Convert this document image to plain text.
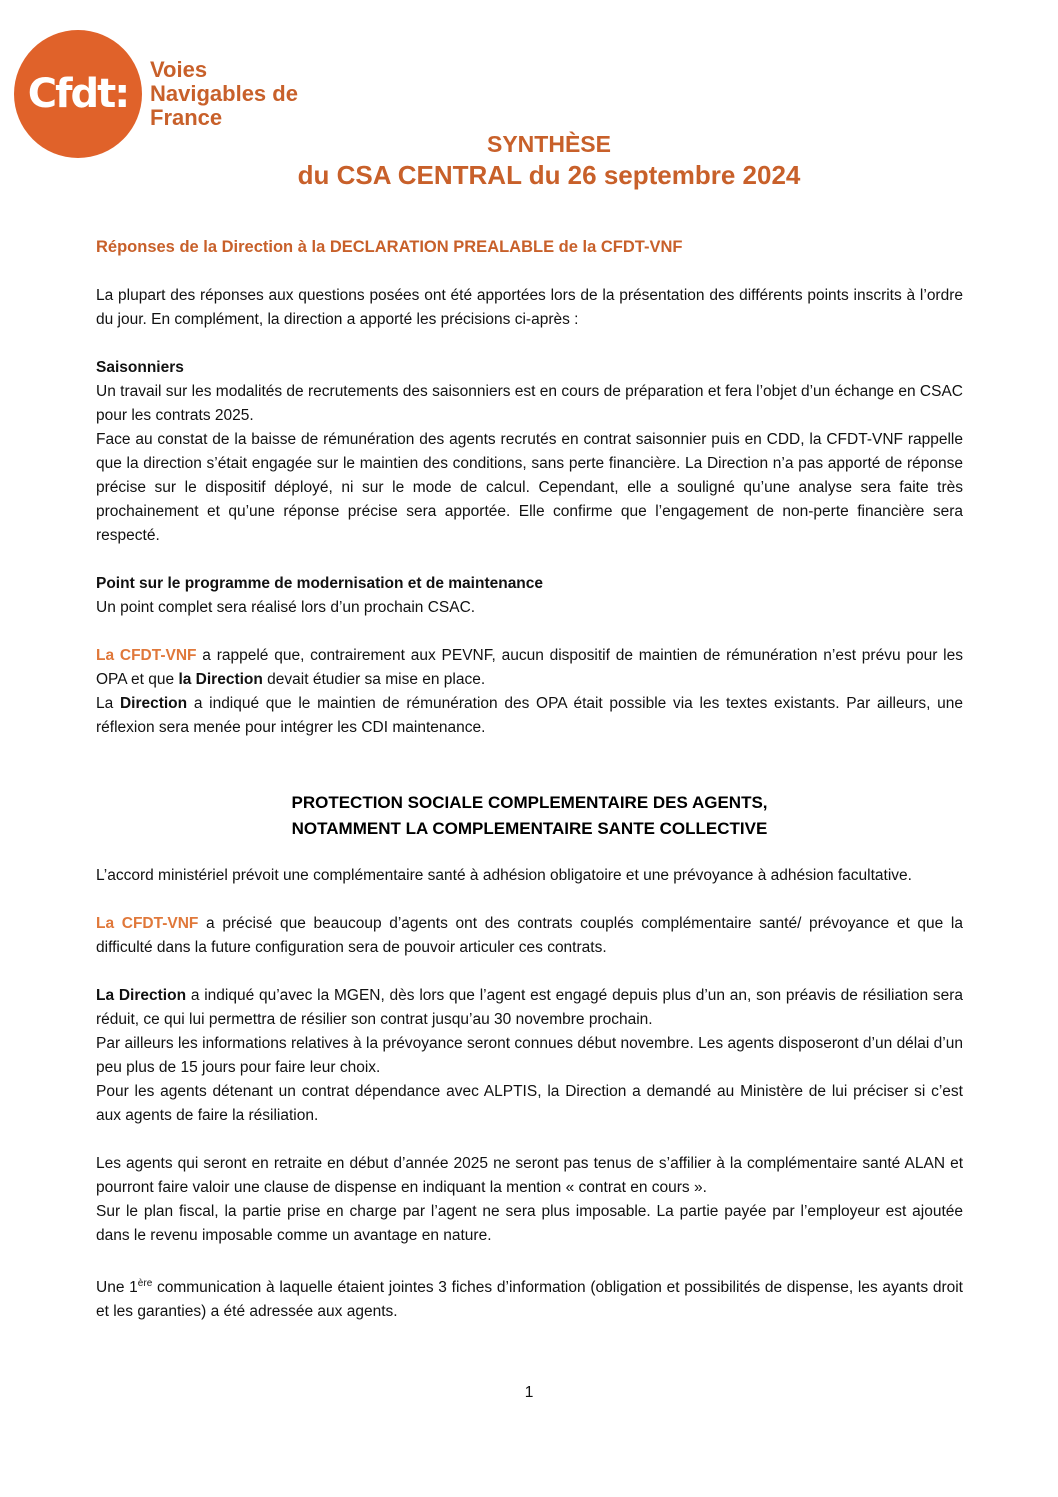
Cfdt:
Voies
Navigables de
France
SYNTHÈSE
du CSA CENTRAL du 26 septembre 2024
Réponses de la Direction à la DECLARATION PREALABLE de la CFDT-VNF

La plupart des réponses aux questions posées ont été apportées lors de la présentation des différents points inscrits à l’ordre du jour. En complément, la direction a apporté les précisions ci-après :

Saisonniers

Un travail sur les modalités de recrutements des saisonniers est en cours de préparation et fera l’objet d’un échange en CSAC pour les contrats 2025.

Face au constat de la baisse de rémunération des agents recrutés en contrat saisonnier puis en CDD, la CFDT-VNF rappelle que la direction s’était engagée sur le maintien des conditions, sans perte financière. La Direction n’a pas apporté de réponse précise sur le dispositif déployé, ni sur le mode de calcul. Cependant, elle a souligné qu’une analyse sera faite très prochainement et qu’une réponse précise sera apportée. Elle confirme que l’engagement de non-perte financière sera respecté.

Point sur le programme de modernisation et de maintenance

Un point complet sera réalisé lors d’un prochain CSAC.

La CFDT-VNF a rappelé que, contrairement aux PEVNF, aucun dispositif de maintien de rémunération n’est prévu pour les OPA et que la Direction devait étudier sa mise en place.

La Direction a indiqué que le maintien de rémunération des OPA était possible via les textes existants. Par ailleurs, une réflexion sera menée pour intégrer les CDI maintenance.

PROTECTION SOCIALE COMPLEMENTAIRE DES AGENTS,
NOTAMMENT LA COMPLEMENTAIRE SANTE COLLECTIVE

L’accord ministériel prévoit une complémentaire santé à adhésion obligatoire et une prévoyance à adhésion facultative.

La CFDT-VNF a précisé que beaucoup d’agents ont des contrats couplés complémentaire santé/ prévoyance et que la difficulté dans la future configuration sera de pouvoir articuler ces contrats.

La Direction a indiqué qu’avec la MGEN, dès lors que l’agent est engagé depuis plus d’un an, son préavis de résiliation sera réduit, ce qui lui permettra de résilier son contrat jusqu’au 30 novembre prochain.

Par ailleurs les informations relatives à la prévoyance seront connues début novembre. Les agents disposeront d’un délai d’un peu plus de 15 jours pour faire leur choix.

Pour les agents détenant un contrat dépendance avec ALPTIS, la Direction a demandé au Ministère de lui préciser si c’est aux agents de faire la résiliation.

Les agents qui seront en retraite en début d’année 2025 ne seront pas tenus de s’affilier à la complémentaire santé ALAN et pourront faire valoir une clause de dispense en indiquant la mention « contrat en cours ».

Sur le plan fiscal, la partie prise en charge par l’agent ne sera plus imposable. La partie payée par l’employeur est ajoutée dans le revenu imposable comme un avantage en nature.

Une 1ère communication à laquelle étaient jointes 3 fiches d’information (obligation et possibilités de dispense, les ayants droit et les garanties) a été adressée aux agents.

1
